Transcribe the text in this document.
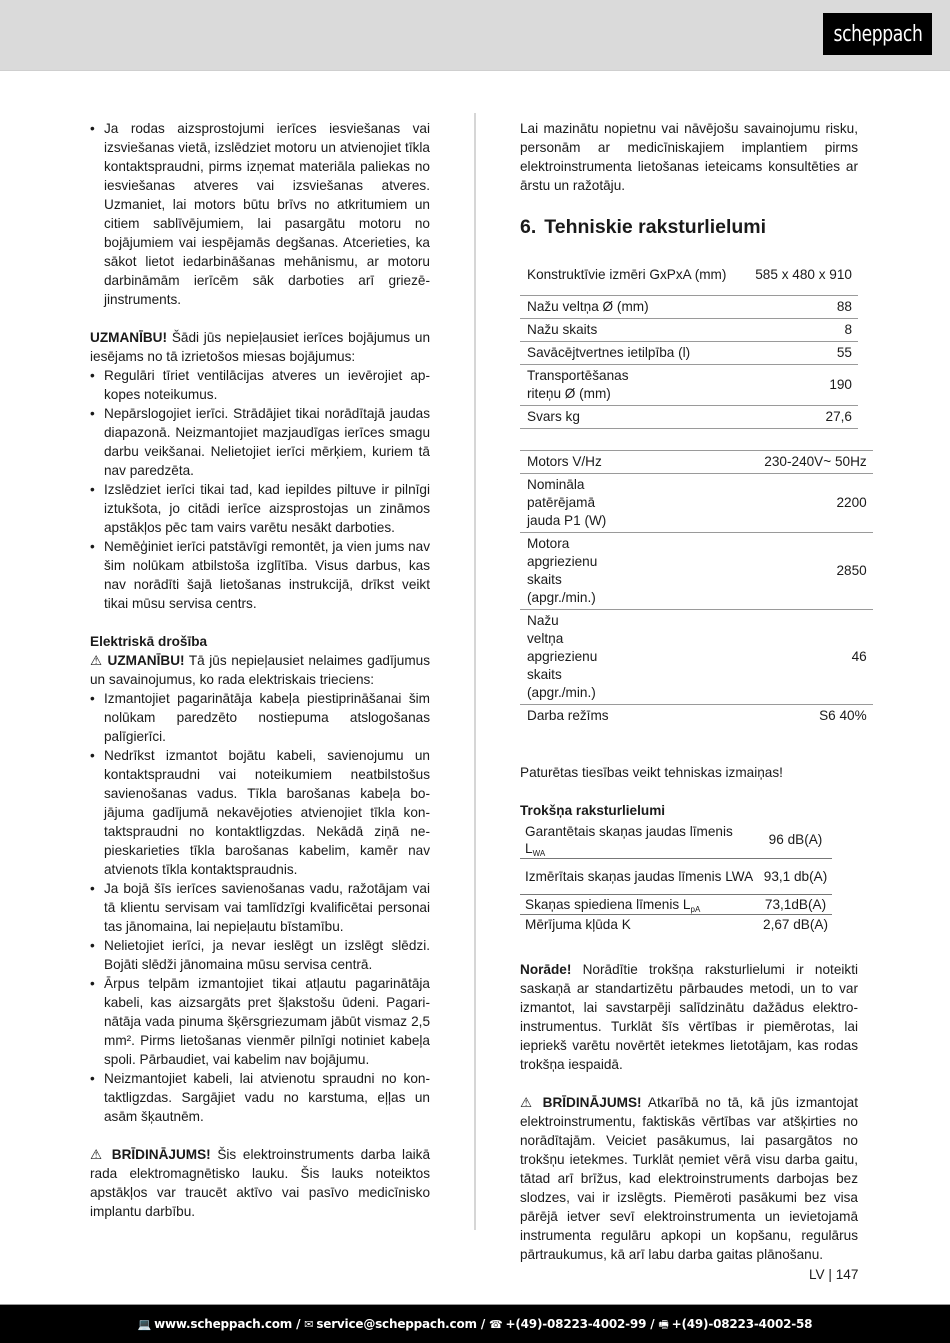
scheppach
• Ja rodas aizsprostojumi ierīces iesviešanas vai izsviešanas vietā, izslēdziet motoru un atvienojiet tīkla kontaktspraudni, pirms izņemat materiāla paliekas no iesviešanas atveres vai izsviešanas atveres. Uzmaniet, lai motors būtu brīvs no atkritumiem un citiem sablīvējumiem, lai pasargātu motoru no bojājumiem vai iespējamās degšanas. Atcerieties, ka sākot lietot iedarbināšanas mehānismu, ar motoru darbināmām ierīcēm sāk darboties arī griezējinstruments.

UZMANĪBU! Šādi jūs nepieļausiet ierīces bojājumus un iesējams no tā izrietošos miesas bojājumus:

• Regulāri tīriet ventilācijas atveres un ievērojiet apkopes noteikumus.
• Nepārslogojiet ierīci. Strādājiet tikai norādītajā jaudas diapazonā. Neizmantojiet mazjaudīgas ierīces smagu darbu veikšanai. Nelietojiet ierīci mērķiem, kuriem tā nav paredzēta.
• Izslēdziet ierīci tikai tad, kad iepildes piltuve ir pilnīgi iztukšota, jo citādi ierīce aizsprostojas un zināmos apstākļos pēc tam vairs varētu nesākt darboties.
• Nemēģiniet ierīci patstāvīgi remontēt, ja vien jums nav šim nolūkam atbilstoša izglītība. Visus darbus, kas nav norādīti šajā lietošanas instrukcijā, drīkst veikt tikai mūsu servisa centrs.

Elektriskā drošība

⚠ UZMANĪBU! Tā jūs nepieļausiet nelaimes gadījumus un savainojumus, ko rada elektriskais trieciens:

• Izmantojiet pagarinātāja kabeļa piestiprināšanai šim nolūkam paredzēto nostiepuma atslogošanas palīgierīci.
• Nedrīkst izmantot bojātu kabeli, savienojumu un kontaktspraudni vai noteikumiem neatbilstošus savienošanas vadus. Tīkla barošanas kabeļa bojājuma gadījumā nekavējoties atvienojiet tīkla kontaktspraudni no kontaktligzdas. Nekādā ziņā nepieskarieties tīkla barošanas kabelim, kamēr nav atvienots tīkla kontaktspraudnis.
• Ja bojā šīs ierīces savienošanas vadu, ražotājam vai tā klientu servisam vai tamlīdzīgi kvalificētai personai tas jānomaina, lai nepieļautu bīstamību.
• Nelietojiet ierīci, ja nevar ieslēgt un izslēgt slēdzi. Bojāti slēdži jānomaina mūsu servisa centrā.
• Ārpus telpām izmantojiet tikai atļautu pagarinātāja kabeli, kas aizsargāts pret šļakstošu ūdeni. Pagarinātāja vada pinuma šķērsgriezumam jābūt vismaz 2,5 mm². Pirms lietošanas vienmēr pilnīgi notiniet kabeļa spoli. Pārbaudiet, vai kabelim nav bojājumu.
• Neizmantojiet kabeli, lai atvienotu spraudni no kontaktligzdas. Sargājiet vadu no karstuma, eļļas un asām šķautnēm.

⚠ BRĪDINĀJUMS! Šis elektroinstruments darba laikā rada elektromagnētisko lauku. Šis lauks noteiktos apstākļos var traucēt aktīvo vai pasīvo medicīnisko implantu darbību.

Lai mazinātu nopietnu vai nāvējošu savainojumu risku, personām ar medicīniskajiem implantiem pirms elektroinstrumenta lietošanas ieteicams konsultēties ar ārstu un ražotāju.

6. Tehniskie raksturlielumi
Konstruktīvie izmēri GxPxA (mm)	585 x 480 x 910
Nažu veltņa Ø (mm)	88
Nažu skaits	8
Savācējtvertnes ietilpība (l)	55
Transportēšanas riteņu Ø (mm)	190
Svars kg	27,6
Motors V/Hz	230-240V~ 50Hz
Nomināla patērējamā jauda P1 (W)	2200
Motora apgriezienu skaits (apgr./min.)	2850
Nažu veltņa apgriezienu skaits (apgr./min.)	46
Darba režīms	S6 40%

Paturētas tiesības veikt tehniskas izmaiņas!

Trokšņa raksturlielumi

Garantētais skaņas jaudas līmenis $L_{WA}$	96 dB(A)
Izmērītais skaņas jaudas līmenis LWA	93,1 db(A)
Skaņas spiediena līmenis $L_{pA}$	73,1dB(A)
Mērījuma kļūda K	2,67 dB(A)

Norāde! Norādītie trokšņa raksturlielumi ir noteikti saskaņā ar standartizētu pārbaudes metodi, un to var izmantot, lai savstarpēji salīdzinātu dažādus elektroinstrumentus. Turklāt šīs vērtības ir piemērotas, lai iepriekš varētu novērtēt ietekmes lietotājam, kas rodas trokšņa iespaidā.

⚠ BRĪDINĀJUMS! Atkarībā no tā, kā jūs izmantojat elektroinstrumentu, faktiskās vērtības var atšķirties no norādītajām. Veiciet pasākumus, lai pasargātos no trokšņu ietekmes. Turklāt ņemiet vērā visu darba gaitu, tātad arī brīžus, kad elektroinstruments darbojas bez slodzes, vai ir izslēgts. Piemēroti pasākumi bez visa pārējā ietver sevī elektroinstrumenta un ievietojamā instrumenta regulāru apkopi un kopšanu, regulārus pārtraukumus, kā arī labu darba gaitas plānošanu.

LV | 147
💻 www.scheppach.com / ✉ service@scheppach.com / ☎ +(49)-08223-4002-99 / 🖷 +(49)-08223-4002-58
